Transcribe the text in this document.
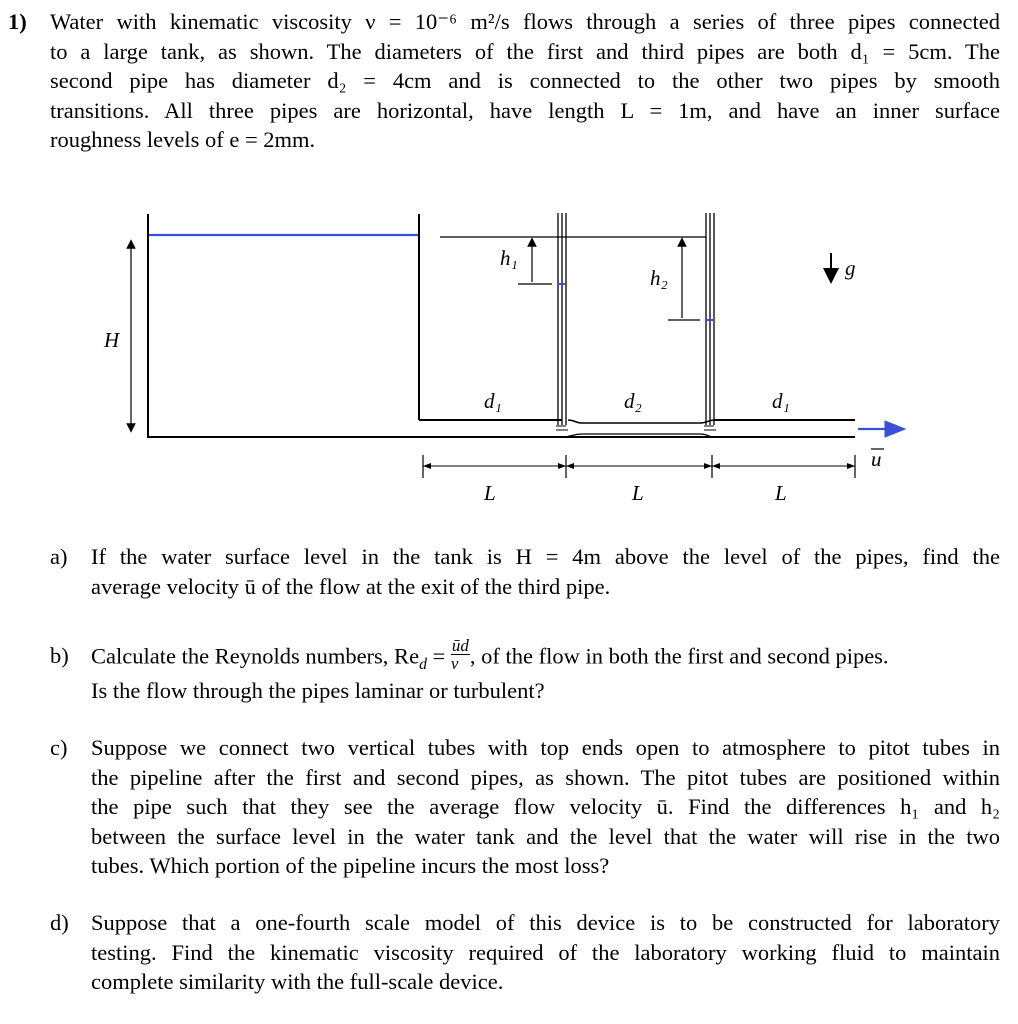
1) Water with kinematic viscosity ν = 10⁻⁶ m²/s flows through a series of three pipes connected
to a large tank, as shown. The diameters of the first and third pipes are both d₁ = 5cm. The
second pipe has diameter d₂ = 4cm and is connected to the other two pipes by smooth
transitions. All three pipes are horizontal, have length L = 1m, and have an inner surface
roughness levels of e = 2mm.
H
h₁
h₂	g
d₁	d₂	d₁
L	L	L
u
a) If the water surface level in the tank is H = 4m above the level of the pipes, find the
average velocity ū of the flow at the exit of the third pipe.
b) Calculate the Reynolds numbers, $Re_d = \frac{ūd}{\nu}$ , of the flow in both the first and second pipes.
Is the flow through the pipes laminar or turbulent?
c) Suppose we connect two vertical tubes with top ends open to atmosphere to pitot tubes in
the pipeline after the first and second pipes, as shown. The pitot tubes are positioned within
the pipe such that they see the average flow velocity ū. Find the differences h₁ and h₂
between the surface level in the water tank and the level that the water will rise in the two
tubes. Which portion of the pipeline incurs the most loss?
d) Suppose that a one-fourth scale model of this device is to be constructed for laboratory
testing. Find the kinematic viscosity required of the laboratory working fluid to maintain
complete similarity with the full-scale device.
